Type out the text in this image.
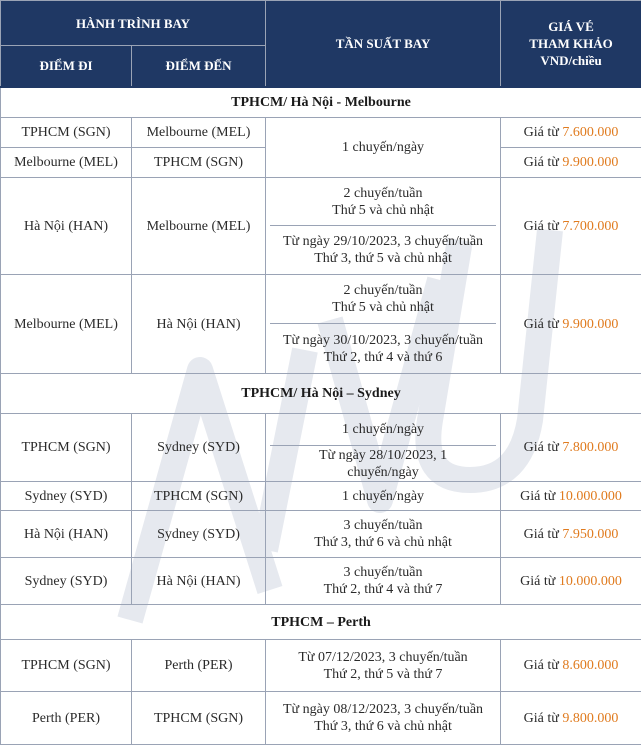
HÀNH TRÌNH BAY		TẦN SUẤT BAY	GIÁ VÉ
THAM KHẢO
VND/chiều

ĐIỂM ĐI	ĐIỂM ĐẾN		
TPHCM/ Hà Nội - Melbourne			
TPHCM (SGN)	Melbourne (MEL)	1 chuyến/ngày	Giá từ 7.600.000
Melbourne (MEL)	TPHCM (SGN)		Giá từ 9.900.000
Hà Nội (HAN)	Melbourne (MEL)	2 chuyến/tuần
Thứ 5 và chủ nhật
Từ ngày 29/10/2023, 3 chuyến/tuần
Thứ 3, thứ 5 và chủ nhật	Giá từ 7.700.000
Melbourne (MEL)	Hà Nội (HAN)	2 chuyến/tuần
Thứ 5 và chủ nhật
Từ ngày 30/10/2023, 3 chuyến/tuần
Thứ 2, thứ 4 và thứ 6	Giá từ 9.900.000
TPHCM/ Hà Nội – Sydney			
TPHCM (SGN)	Sydney (SYD)	1 chuyến/ngày
Từ ngày 28/10/2023, 1
chuyến/ngày	Giá từ 7.800.000
Sydney (SYD)	TPHCM (SGN)	1 chuyến/ngày	Giá từ 10.000.000
Hà Nội (HAN)	Sydney (SYD)	3 chuyến/tuần
Thứ 3, thứ 6 và chủ nhật	Giá từ 7.950.000
Sydney (SYD)	Hà Nội (HAN)	3 chuyến/tuần
Thứ 2, thứ 4 và thứ 7	Giá từ 10.000.000
TPHCM – Perth			
TPHCM (SGN)	Perth (PER)	Từ 07/12/2023, 3 chuyến/tuần
Thứ 2, thứ 5 và thứ 7	Giá từ 8.600.000
Perth (PER)	TPHCM (SGN)	Từ ngày 08/12/2023, 3 chuyến/tuần
Thứ 3, thứ 6 và chủ nhật	Giá từ 9.800.000
